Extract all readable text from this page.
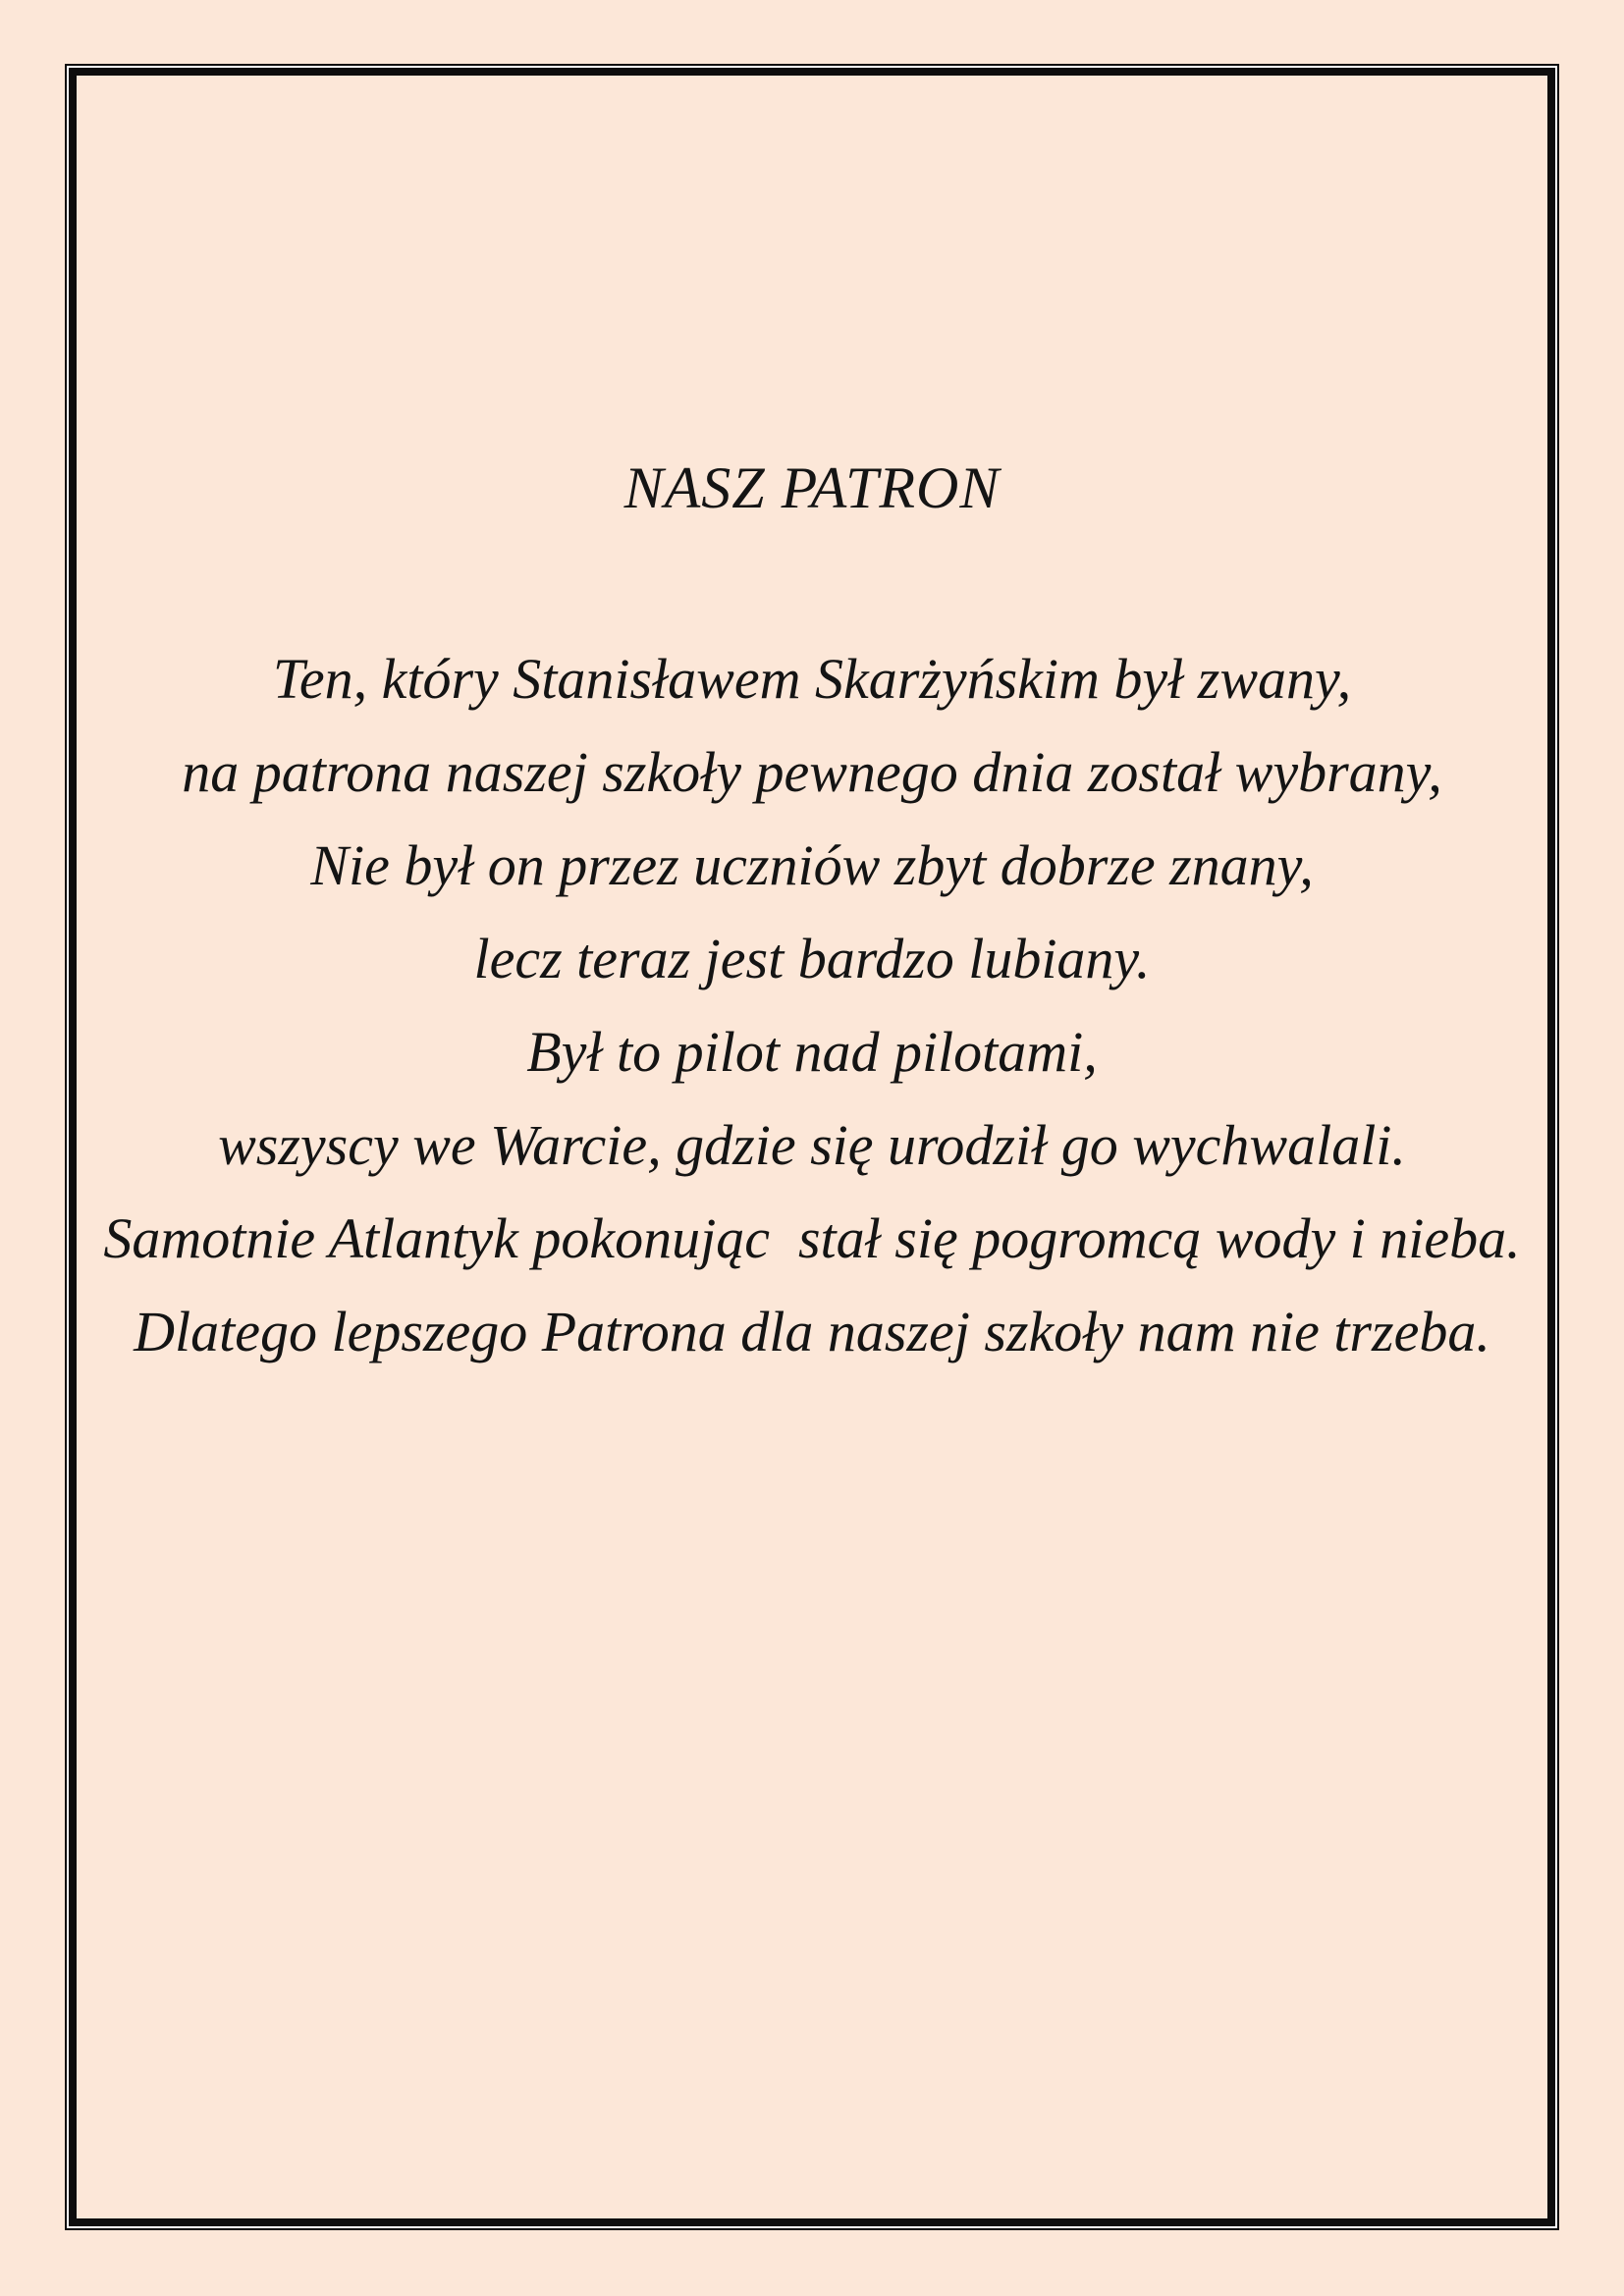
NASZ PATRON

Ten, który Stanisławem Skarżyńskim był zwany,

na patrona naszej szkoły pewnego dnia został wybrany,

Nie był on przez uczniów zbyt dobrze znany,

lecz teraz jest bardzo lubiany.

Był to pilot nad pilotami,

wszyscy we Warcie, gdzie się urodził go wychwalali.

Samotnie Atlantyk pokonując  stał się pogromcą wody i nieba.

Dlatego lepszego Patrona dla naszej szkoły nam nie trzeba.
